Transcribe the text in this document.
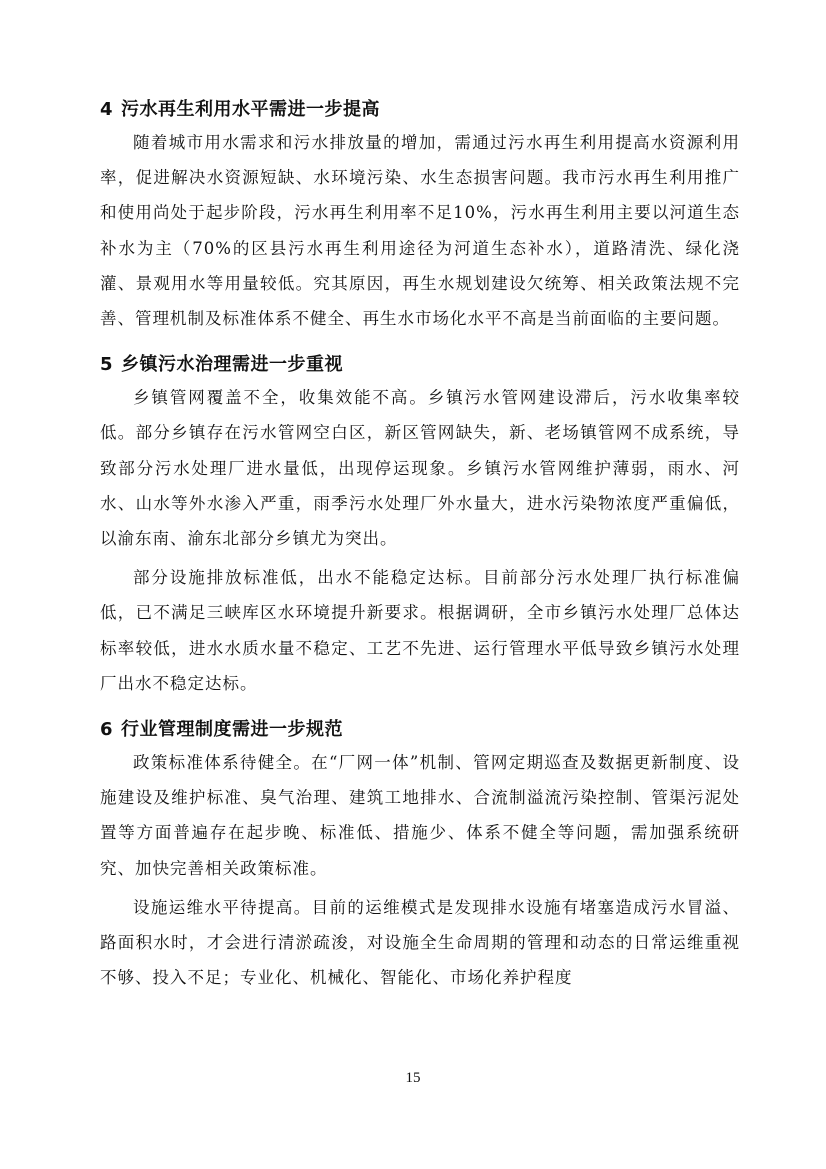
4 污水再生利用水平需进一步提高

随着城市用水需求和污水排放量的增加，需通过污水再生利用提高水资源利用率，促进解决水资源短缺、水环境污染、水生态损害问题。我市污水再生利用推广和使用尚处于起步阶段，污水再生利用率不足10%，污水再生利用主要以河道生态补水为主（70%的区县污水再生利用途径为河道生态补水），道路清洗、绿化浇灌、景观用水等用量较低。究其原因，再生水规划建设欠统筹、相关政策法规不完善、管理机制及标准体系不健全、再生水市场化水平不高是当前面临的主要问题。

5 乡镇污水治理需进一步重视

乡镇管网覆盖不全，收集效能不高。乡镇污水管网建设滞后，污水收集率较低。部分乡镇存在污水管网空白区，新区管网缺失，新、老场镇管网不成系统，导致部分污水处理厂进水量低，出现停运现象。乡镇污水管网维护薄弱，雨水、河水、山水等外水渗入严重，雨季污水处理厂外水量大，进水污染物浓度严重偏低，以渝东南、渝东北部分乡镇尤为突出。

部分设施排放标准低，出水不能稳定达标。目前部分污水处理厂执行标准偏低，已不满足三峡库区水环境提升新要求。根据调研，全市乡镇污水处理厂总体达标率较低，进水水质水量不稳定、工艺不先进、运行管理水平低导致乡镇污水处理厂出水不稳定达标。

6 行业管理制度需进一步规范

政策标准体系待健全。在“厂网一体”机制、管网定期巡查及数据更新制度、设施建设及维护标准、臭气治理、建筑工地排水、合流制溢流污染控制、管渠污泥处置等方面普遍存在起步晚、标准低、措施少、体系不健全等问题，需加强系统研究、加快完善相关政策标准。

设施运维水平待提高。目前的运维模式是发现排水设施有堵塞造成污水冒溢、路面积水时，才会进行清淤疏浚，对设施全生命周期的管理和动态的日常运维重视不够、投入不足；专业化、机械化、智能化、市场化养护程度

15
